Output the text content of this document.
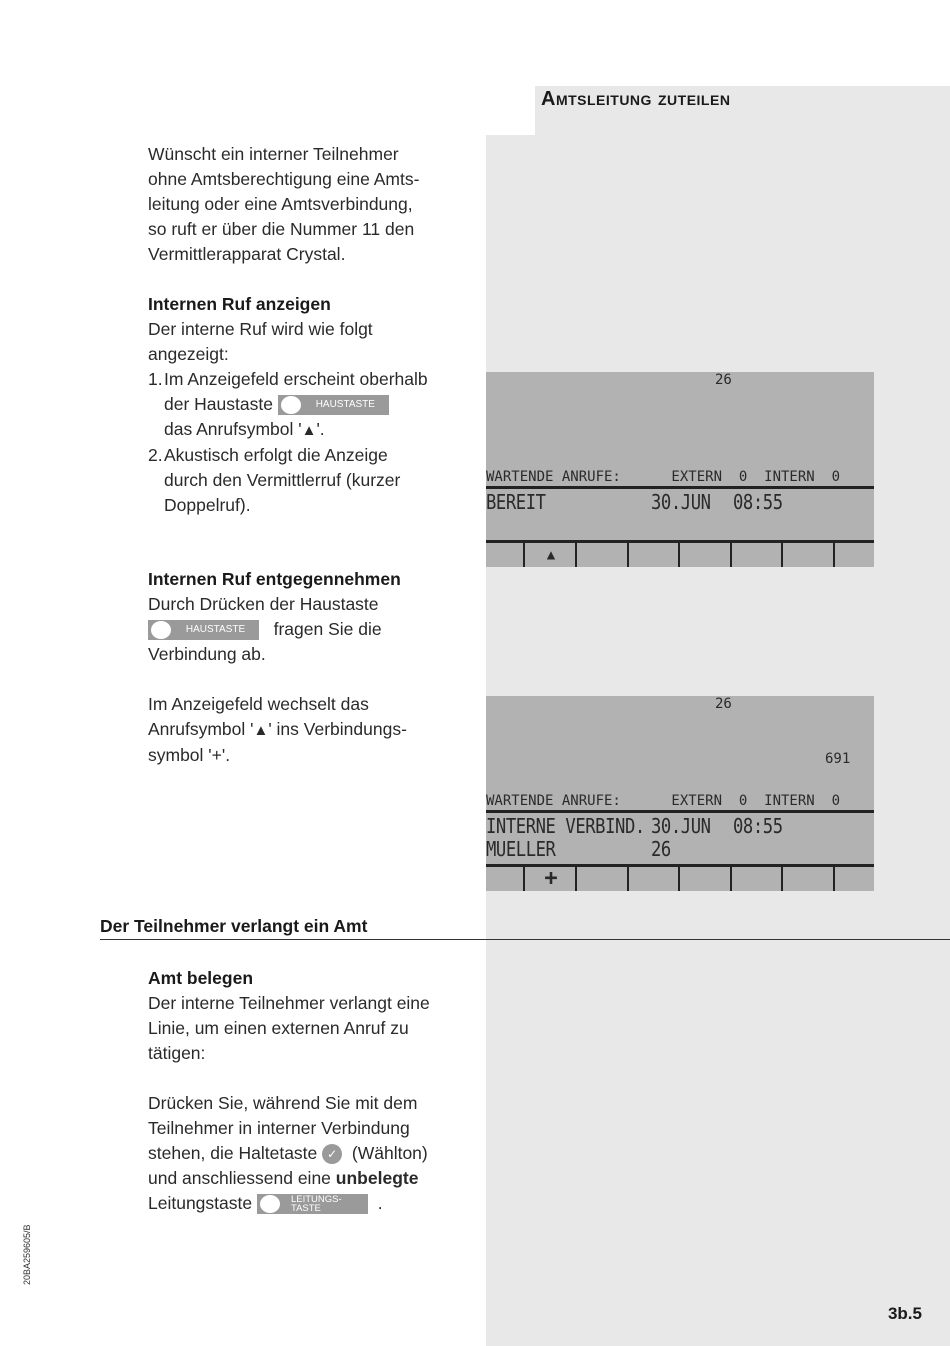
Amtsleitung zuteilen

Wünscht ein interner Teilnehmer

ohne Amtsberechtigung eine Amts-

leitung oder eine Amtsverbindung,

so ruft er über die Nummer 11 den

Vermittlerapparat Crystal.

Internen Ruf anzeigen

Der interne Ruf wird wie folgt

angezeigt:

1. Im Anzeigefeld erscheint oberhalb

der Haustaste	HAUSTASTE

das Anrufsymbol '▲'.

2. Akustisch erfolgt die Anzeige

durch den Vermittlerruf (kurzer

Doppelruf).

26
WARTENDE ANRUFE:      EXTERN  0  INTERN  0
BEREIT	30.JUN 08:55
▲

Internen Ruf entgegennehmen

Durch Drücken der Haustaste

HAUSTASTE	fragen Sie die

Verbindung ab.

Im Anzeigefeld wechselt das

Anrufsymbol '▲' ins Verbindungs-

symbol '+'.

26
691
WARTENDE ANRUFE:      EXTERN  0  INTERN  0
INTERNE VERBIND. 30.JUN 08:55
MUELLER	26
+
Der Teilnehmer verlangt ein Amt

Amt belegen

Der interne Teilnehmer verlangt eine

Linie, um einen externen Anruf zu

tätigen:

Drücken Sie, während Sie mit dem

Teilnehmer in interner Verbindung

stehen, die Haltetaste ✓ (Wählton)

und anschliessend eine unbelegte

Leitungstaste	LEITUNGS-
TASTE	.

20BA259605/B
3b.5
